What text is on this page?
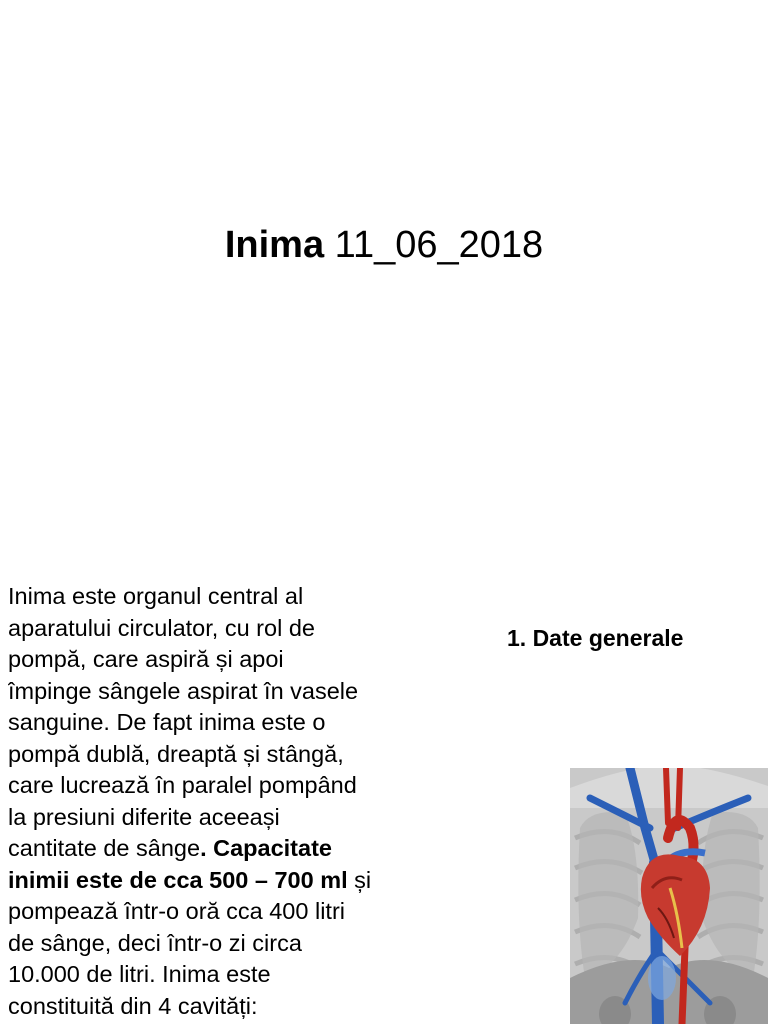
Inima 11_06_2018
1. Date generale
Inima este organul central al
aparatului circulator, cu rol de
pompă, care aspiră și apoi
împinge sângele aspirat în vasele
sanguine. De fapt inima este o
pompă dublă, dreaptă și stângă,
care lucrează în paralel pompând
la presiuni diferite aceeași
cantitate de sânge. Capacitate
inimii este de cca 500 – 700 ml și
pompează într-o oră cca 400 litri
de sânge, deci într-o zi circa
10.000 de litri. Inima este
constituită din 4 cavități:
